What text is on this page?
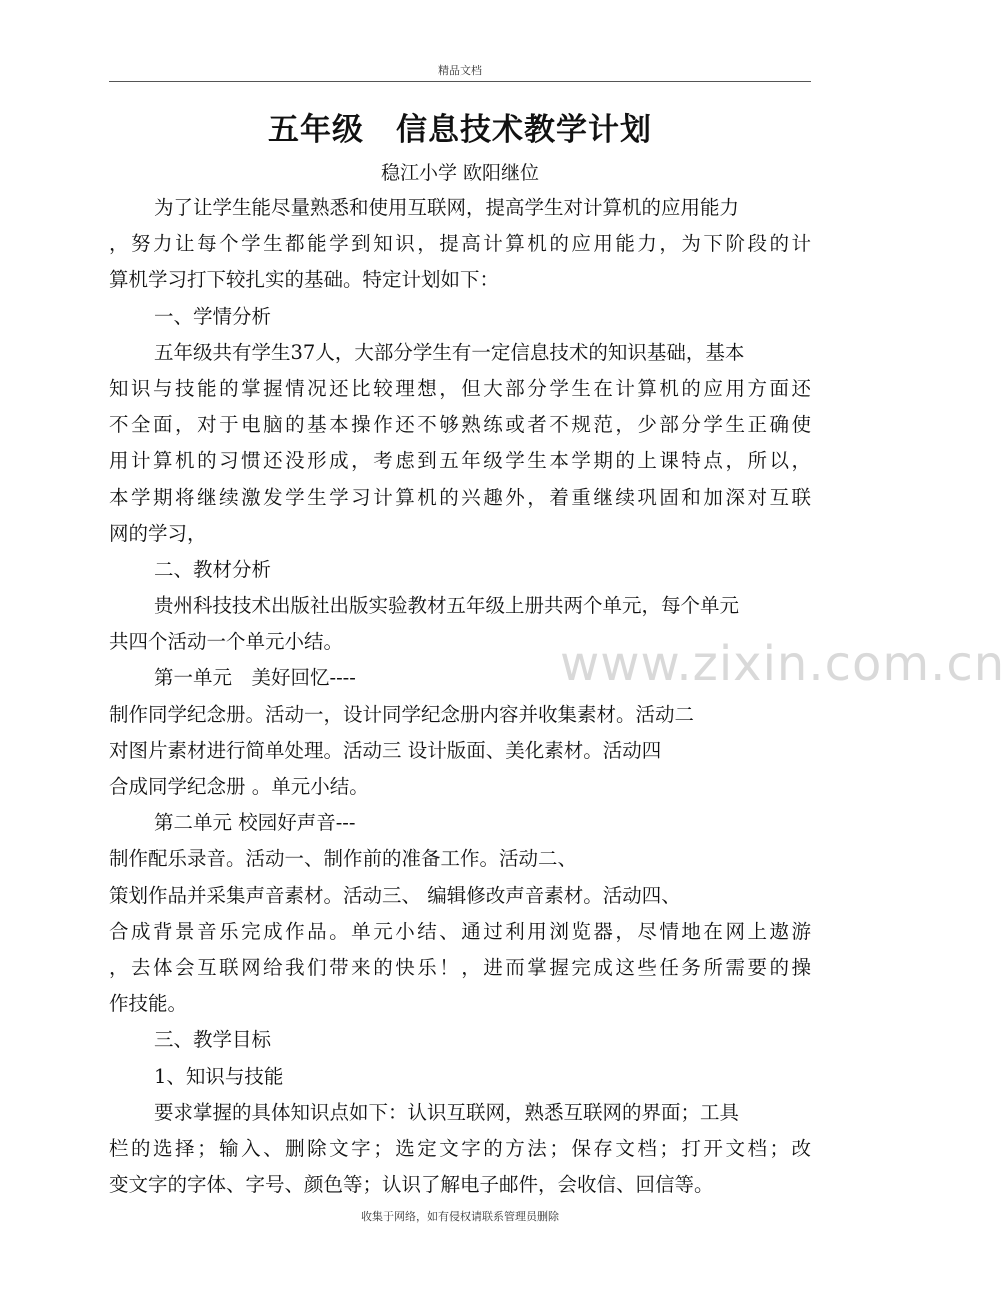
精品文档
五年级　信息技术教学计划
稳江小学 欧阳继位
为了让学生能尽量熟悉和使用互联网，提高学生对计算机的应用能力
，努力让每个学生都能学到知识，提高计算机的应用能力，为下阶段的计
算机学习打下较扎实的基础。特定计划如下：
一、学情分析
五年级共有学生37人，大部分学生有一定信息技术的知识基础，基本
知识与技能的掌握情况还比较理想，但大部分学生在计算机的应用方面还
不全面，对于电脑的基本操作还不够熟练或者不规范，少部分学生正确使
用计算机的习惯还没形成，考虑到五年级学生本学期的上课特点，所以，
本学期将继续激发学生学习计算机的兴趣外，着重继续巩固和加深对互联
网的学习，
二、教材分析
贵州科技技术出版社出版实验教材五年级上册共两个单元，每个单元
共四个活动一个单元小结。
第一单元　美好回忆----
制作同学纪念册。活动一，设计同学纪念册内容并收集素材。活动二
对图片素材进行简单处理。活动三 设计版面、美化素材。活动四
合成同学纪念册 。单元小结。
第二单元 校园好声音---
制作配乐录音。活动一、制作前的准备工作。活动二、
策划作品并采集声音素材。活动三、 编辑修改声音素材。活动四、
合成背景音乐完成作品。单元小结、通过利用浏览器，尽情地在网上遨游
，去体会互联网给我们带来的快乐！，进而掌握完成这些任务所需要的操
作技能。
三、教学目标
1、知识与技能
要求掌握的具体知识点如下：认识互联网，熟悉互联网的界面；工具
栏的选择；输入、删除文字；选定文字的方法；保存文档；打开文档；改
变文字的字体、字号、颜色等；认识了解电子邮件，会收信、回信等。
www.zixin.com.cn
收集于网络，如有侵权请联系管理员删除
